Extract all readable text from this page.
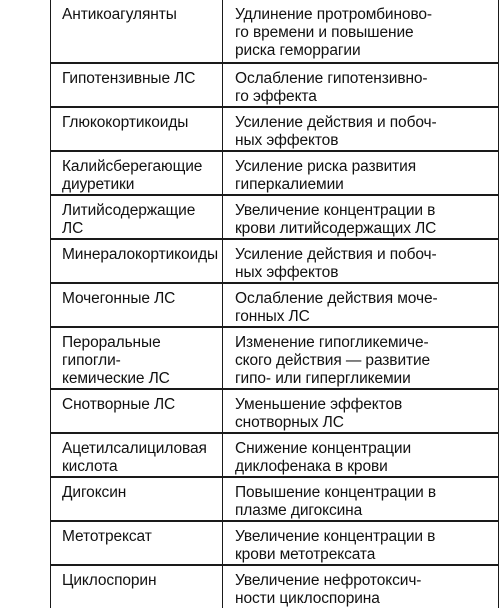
Антикоагулянты	Удлинение протромбиново-
го времени и повышение
риска геморрагии
Гипотензивные ЛС	Ослабление гипотензивно-
го эффекта
Глюкокортикоиды	Усиление действия и побоч-
ных эффектов
Калийсберегающие
диуретики	Усиление риска развития
гиперкалиемии
Литийсодержащие ЛС	Увеличение концентрации в
крови литийсодержащих ЛС
Минералокортикоиды	Усиление действия и побоч-
ных эффектов
Мочегонные ЛС	Ослабление действия моче-
гонных ЛС
Пероральные гипогли-
кемические ЛС	Изменение гипогликемиче-
ского действия — развитие
гипо- или гипергликемии
Снотворные ЛС	Уменьшение эффектов
снотворных ЛС
Ацетилсалициловая
кислота	Снижение концентрации
диклофенака в крови
Дигоксин	Повышение концентрации в
плазме дигоксина
Метотрексат	Увеличение концентрации в
крови метотрексата
Циклоспорин	Увеличение нефротоксич-
ности циклоспорина
